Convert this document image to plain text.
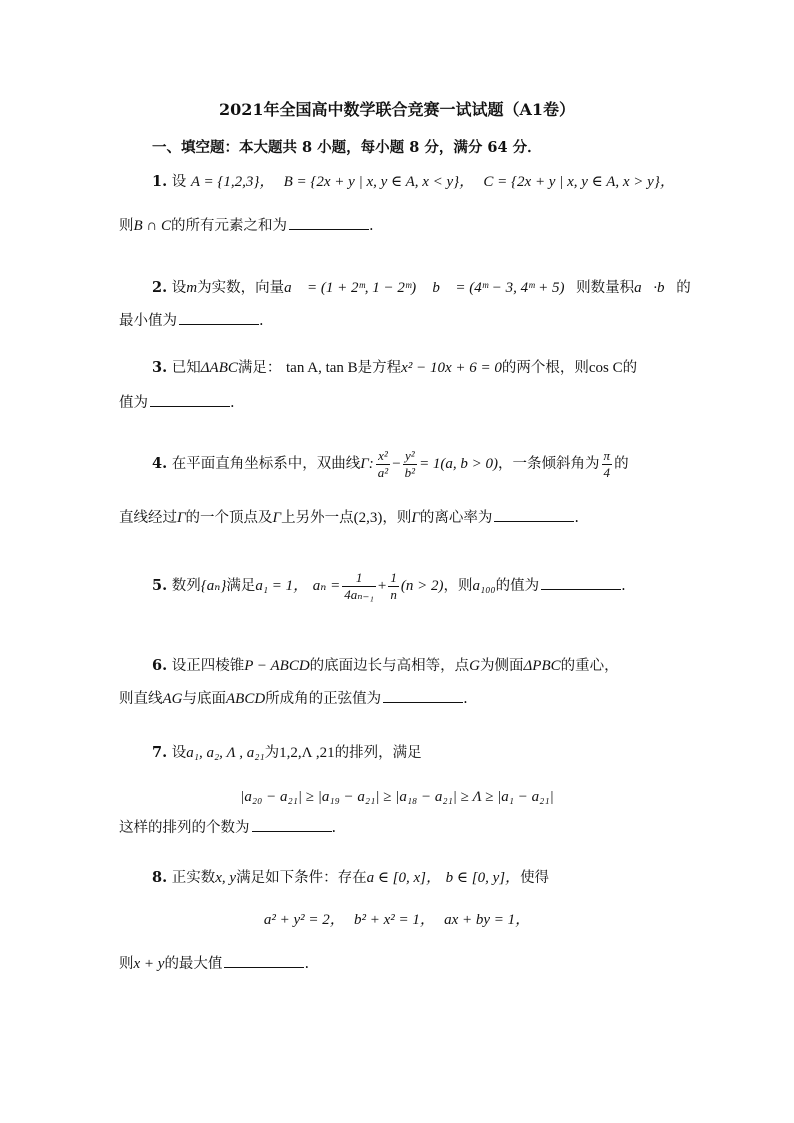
2021年全国高中数学联合竞赛一试试题（A1卷）
一、填空题：本大题共 8 小题，每小题 8 分，满分 64 分．
1. 设 A = {1,2,3}， B = {2x + y | x, y ∈ A, x < y}， C = {2x + y | x, y ∈ A, x > y}，
则B ∩ C的所有元素之和为	.
2. 设m为实数，向量a⃗ = (1 + 2ᵐ, 1 − 2ᵐ)， b⃗ = (4ᵐ − 3, 4ᵐ + 5)，则数量积a⃗·b⃗的
最小值为	.
3. 已知ΔABC满足： tan A, tan B是方程x² − 10x + 6 = 0的两个根，则cos C的
值为	.
4. 在平面直角坐标系中，双曲线Γ: $\frac{\text{x²}}{\text{a²}} - \frac{\text{y²}}{\text{b²}} = 1(a$, b > 0)，一条倾斜角为 $\frac{\pi}{4}$ 的
直线经过Γ的一个顶点及Γ上另外一点(2,3)，则Γ的离心率为	.
5. 数列{aₙ}满足a₁ = 1， $a_n = \frac{1}{\text{4aₙ₋₁}} + \frac{1}{n} (n > 2)$，则a₁₀₀的值为	.
6. 设正四棱锥P − ABCD的底面边长与高相等，点G为侧面ΔPBC的重心，
则直线AG与底面ABCD所成角的正弦值为	.
7. 设a₁, a₂, Λ , a₂₁为1,2,Λ ,21的排列，满足
|a₂₀ − a₂₁| ≥ |a₁₉ − a₂₁| ≥ |a₁₈ − a₂₁| ≥ Λ ≥ |a₁ − a₂₁|
这样的排列的个数为	.
8. 正实数x, y满足如下条件：存在a ∈ [0, x]， b ∈ [0, y]，使得
a² + y² = 2， b² + x² = 1， ax + by = 1，
则x + y的最大值	.
